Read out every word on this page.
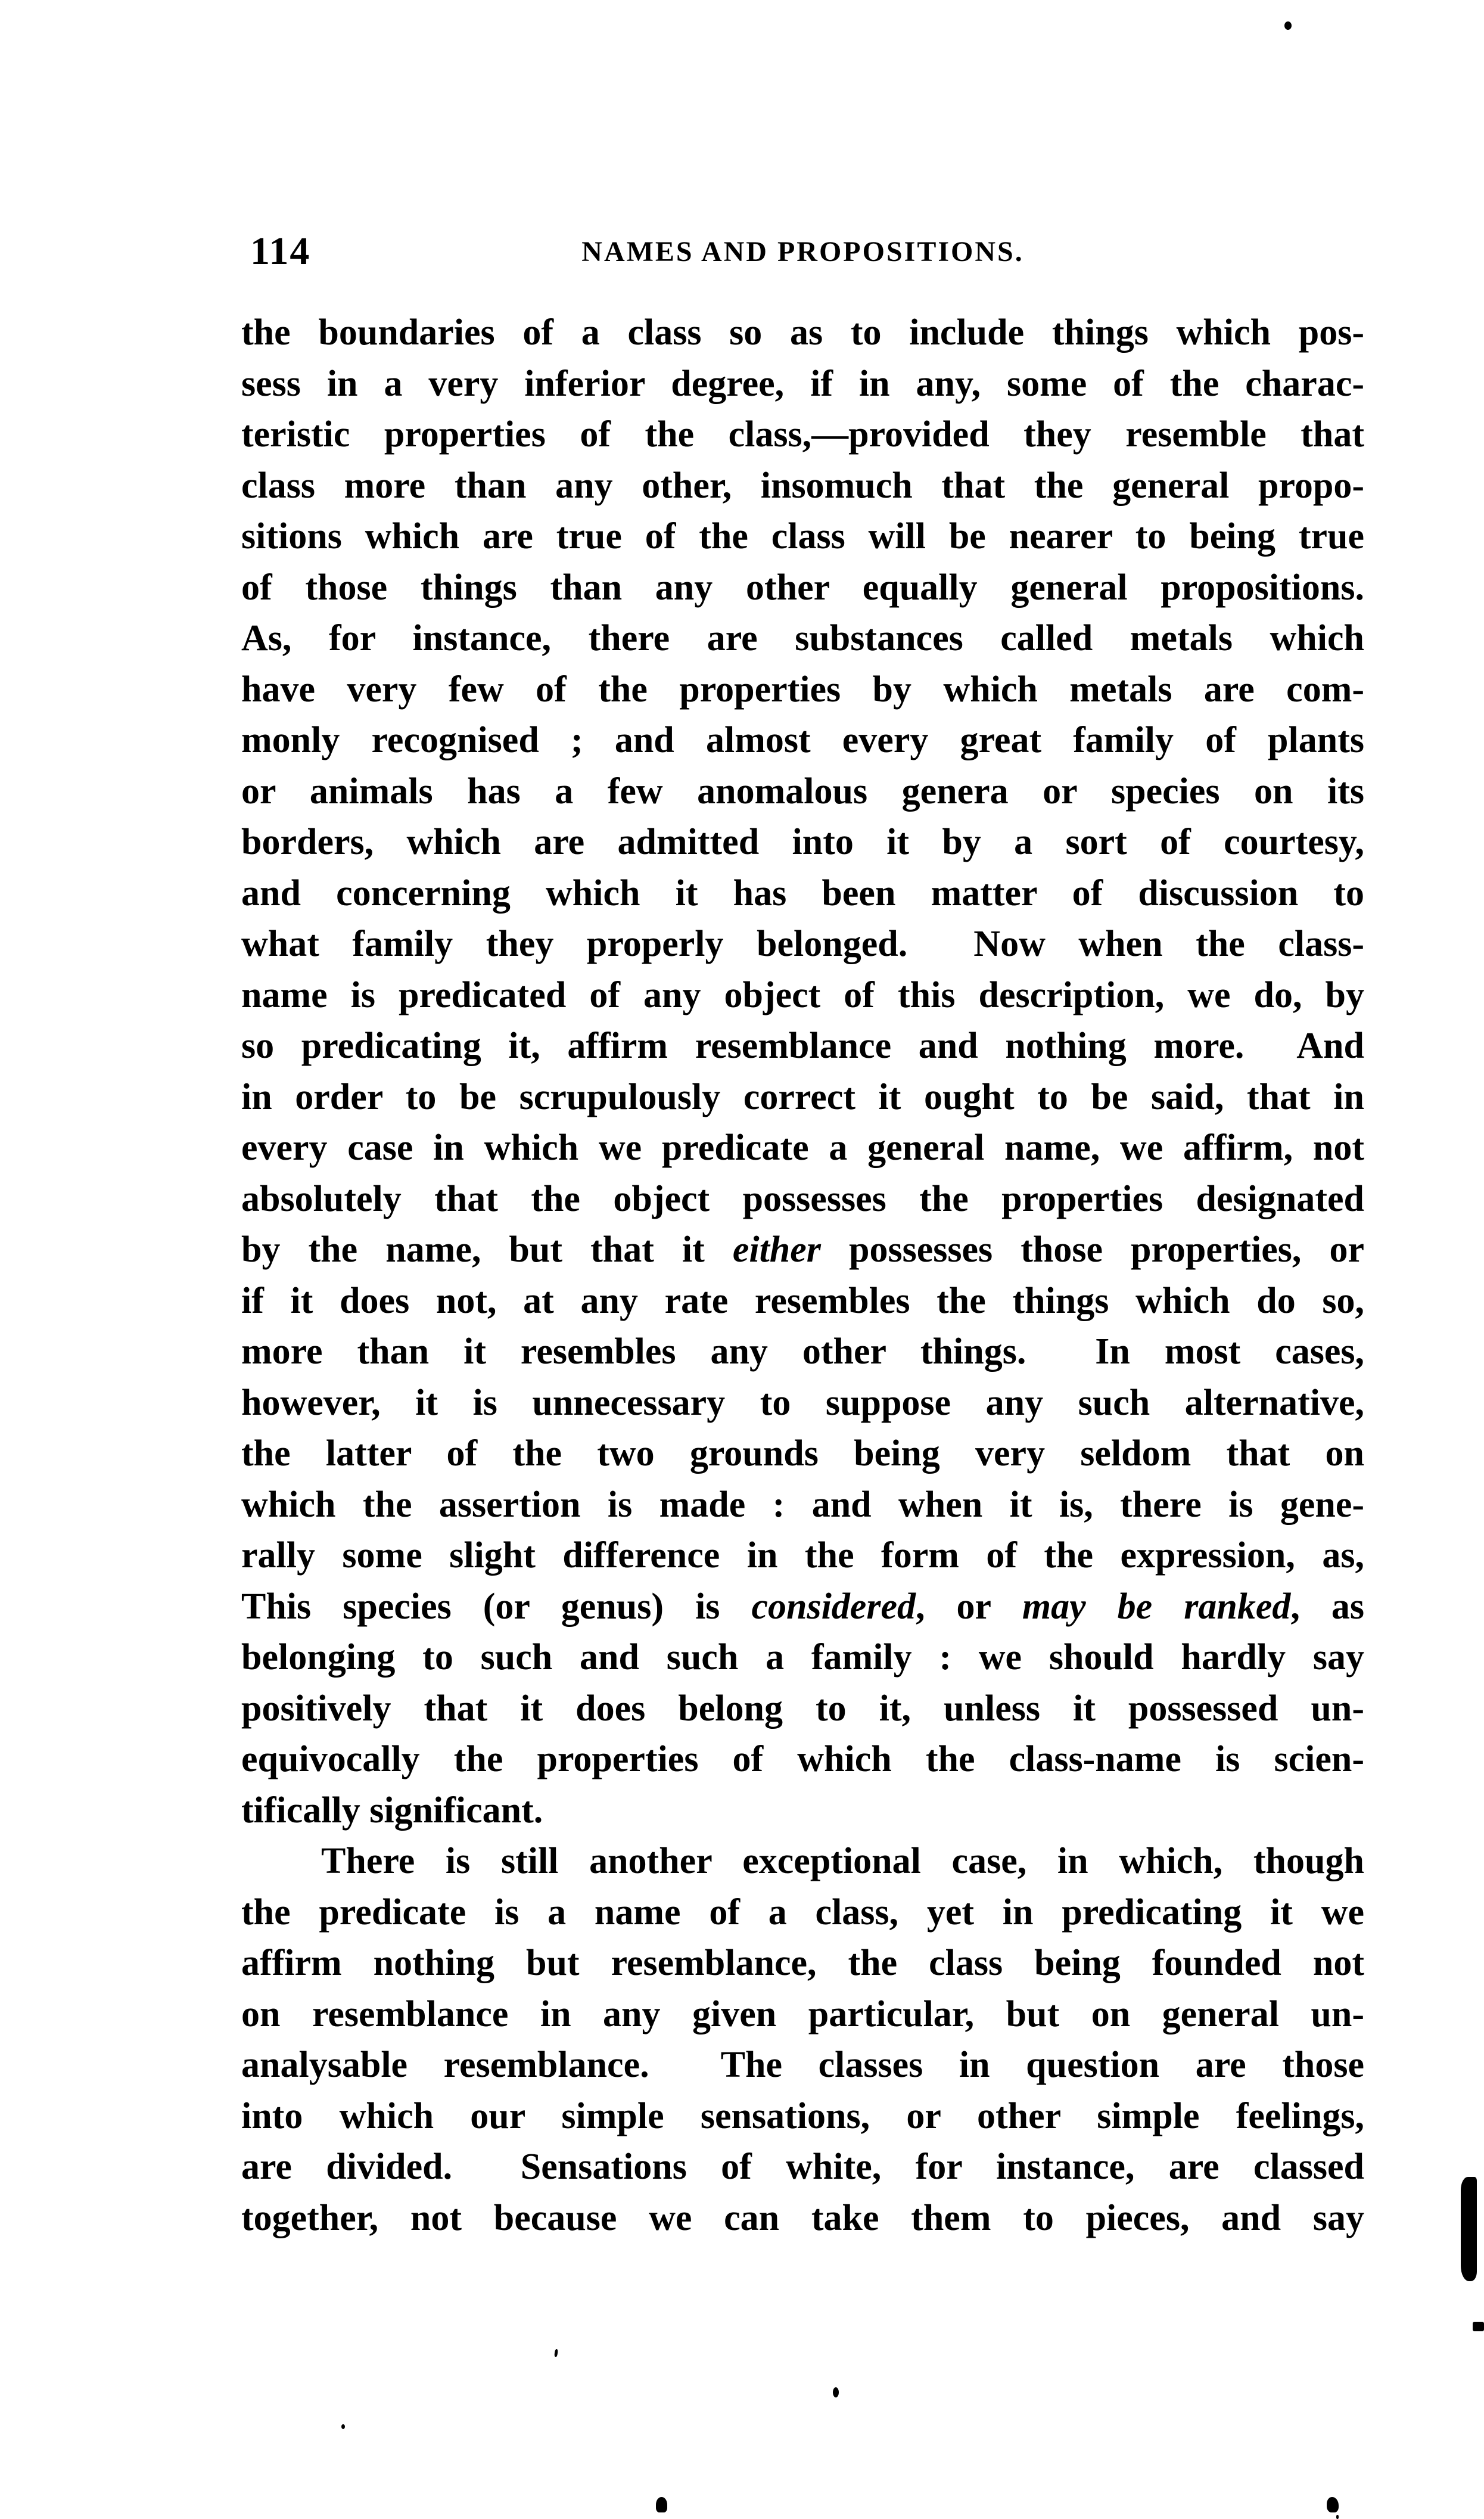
114	NAMES AND PROPOSITIONS.
the boundaries of a class so as to include things which pos-
sess in a very inferior degree, if in any, some of the charac-
teristic properties of the class,—provided they resemble that
class more than any other, insomuch that the general propo-
sitions which are true of the class will be nearer to being true
of those things than any other equally general propositions.
As, for instance, there are substances called metals which
have very few of the properties by which metals are com-
monly recognised ; and almost every great family of plants
or animals has a few anomalous genera or species on its
borders, which are admitted into it by a sort of courtesy,
and concerning which it has been matter of discussion to
what family they properly belonged.  Now when the class-
name is predicated of any object of this description, we do, by
so predicating it, affirm resemblance and nothing more.  And
in order to be scrupulously correct it ought to be said, that in
every case in which we predicate a general name, we affirm, not
absolutely that the object possesses the properties designated
by the name, but that it either possesses those properties, or
if it does not, at any rate resembles the things which do so,
more than it resembles any other things.  In most cases,
however, it is unnecessary to suppose any such alternative,
the latter of the two grounds being very seldom that on
which the assertion is made : and when it is, there is gene-
rally some slight difference in the form of the expression, as,
This species (or genus) is considered, or may be ranked, as
belonging to such and such a family : we should hardly say
positively that it does belong to it, unless it possessed un-
equivocally the properties of which the class-name is scien-
tifically significant.
There is still another exceptional case, in which, though
the predicate is a name of a class, yet in predicating it we
affirm nothing but resemblance, the class being founded not
on resemblance in any given particular, but on general un-
analysable resemblance.  The classes in question are those
into which our simple sensations, or other simple feelings,
are divided.  Sensations of white, for instance, are classed
together, not because we can take them to pieces, and say
